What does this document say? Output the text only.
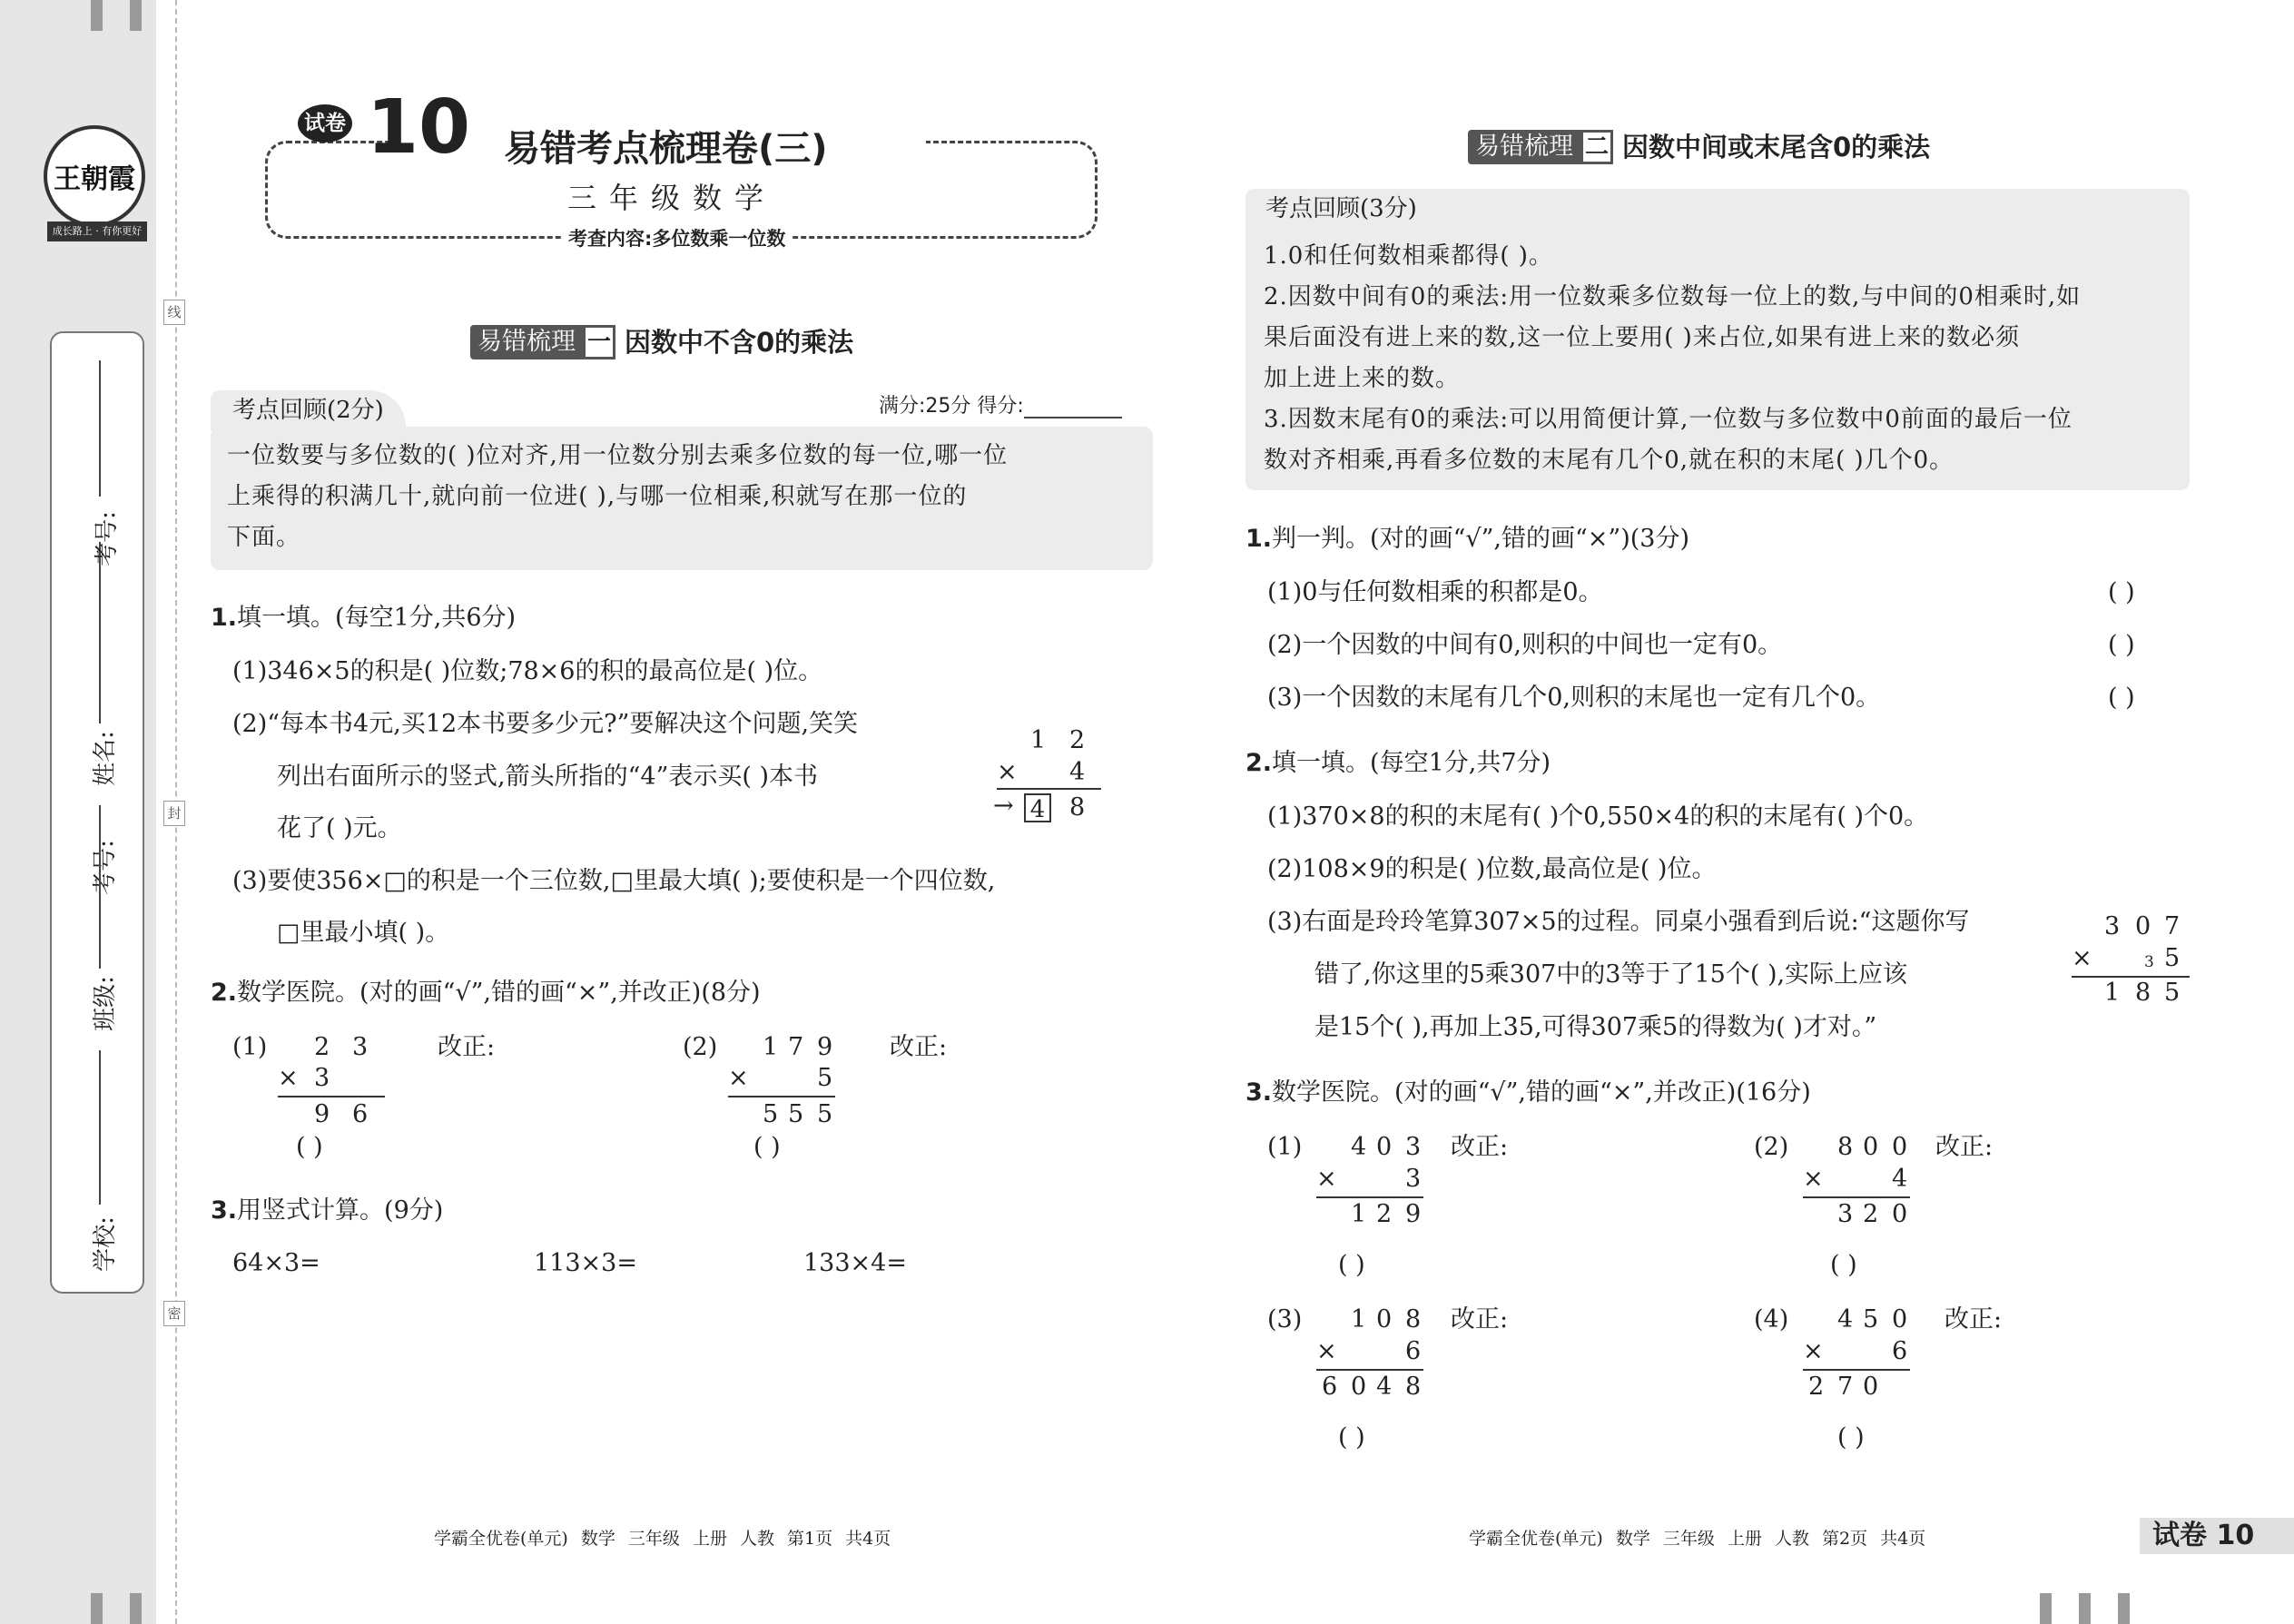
王朝霞
成长路上 · 有你更好
线
封
密
考号:
姓名:
班级:
学校:
考号:
试卷 10 易错考点梳理卷(三)
三年级数学
考查内容:多位数乘一位数
易错梳理 一 因数中不含0的乘法
考点回顾(2分)	满分:25分 得分:
一位数要与多位数的( )位对齐,用一位数分别去乘多位数的每一位,哪一位
上乘得的积满几十,就向前一位进( ),与哪一位相乘,积就写在那一位的
下面。
1.填一填。(每空1分,共6分)
(1)346×5的积是( )位数;78×6的积的最高位是( )位。
(2)“每本书4元,买12本书要多少元?”要解决这个问题,笑笑
列出右面所示的竖式,箭头所指的“4”表示买( )本书
花了( )元。
(3)要使356×□的积是一个三位数,□里最大填( );要使积是一个四位数,
□里最小填( )。
1 2
× 4
→ 4 8
2.数学医院。(对的画“√”,错的画“×”,并改正)(8分)
(1) 2 3
× 3
9 6
( )
改正:	(2) 1 7 9
×	5
5 5 5
( )
改正:
3.用竖式计算。(9分)
64×3=	113×3=	133×4=
学霸全优卷(单元) 数学 三年级 上册 人教 第1页 共4页
易错梳理 二 因数中间或末尾含0的乘法
考点回顾(3分)
1.0和任何数相乘都得( )。
2.因数中间有0的乘法:用一位数乘多位数每一位上的数,与中间的0相乘时,如
果后面没有进上来的数,这一位上要用( )来占位,如果有进上来的数必须
加上进上来的数。
3.因数末尾有0的乘法:可以用简便计算,一位数与多位数中0前面的最后一位
数对齐相乘,再看多位数的末尾有几个0,就在积的末尾( )几个0。
1.判一判。(对的画“√”,错的画“×”)(3分)
(1)0与任何数相乘的积都是0。	( )
(2)一个因数的中间有0,则积的中间也一定有0。	( )
(3)一个因数的末尾有几个0,则积的末尾也一定有几个0。	( )
2.填一填。(每空1分,共7分)
(1)370×8的积的末尾有( )个0,550×4的积的末尾有( )个0。
(2)108×9的积是( )位数,最高位是( )位。
(3)右面是玲玲笔算307×5的过程。同桌小强看到后说:“这题你写
错了,你这里的5乘307中的3等于了15个( ),实际上应该
是15个( ),再加上35,可得307乘5的得数为( )才对。”
3 0 7
×	3 5
1 8 5
3.数学医院。(对的画“√”,错的画“×”,并改正)(16分)
(1) 4 0 3
×	3
1 2 9
( )
改正:	(2) 8 0 0
×	4
3 2 0
( )
改正:
(3) 1 0 8
×	6
6 0 4 8
( )
改正:	(4) 4 5 0
×	6
2 7 0
( )
改正:
学霸全优卷(单元) 数学 三年级 上册 人教 第2页 共4页	试卷 10
